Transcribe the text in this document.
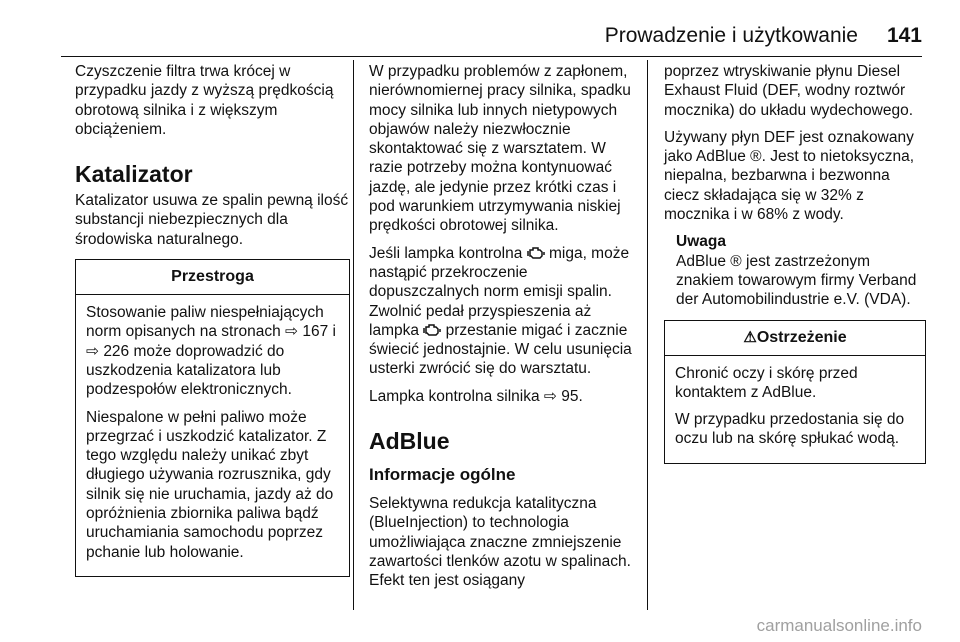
Prowadzenie i użytkowanie 141

Czyszczenie filtra trwa krócej w przypadku jazdy z wyższą prędkością obrotową silnika i z większym obciążeniem.

Katalizator

Katalizator usuwa ze spalin pewną ilość substancji niebezpiecznych dla środowiska naturalnego.

Przestroga

Stosowanie paliw niespełniających norm opisanych na stronach ⇨ 167 i ⇨ 226 może doprowadzić do uszkodzenia katalizatora lub podzespołów elektronicznych.

Niespalone w pełni paliwo może przegrzać i uszkodzić katalizator. Z tego względu należy unikać zbyt długiego używania rozrusznika, gdy silnik się nie uruchamia, jazdy aż do opróżnienia zbiornika paliwa bądź uruchamiania samochodu poprzez pchanie lub holowanie.

W przypadku problemów z zapłonem, nierównomiernej pracy silnika, spadku mocy silnika lub innych nietypowych objawów należy niezwłocznie skontaktować się z warsztatem. W razie potrzeby można kontynuować jazdę, ale jedynie przez krótki czas i pod warunkiem utrzymywania niskiej prędkości obrotowej silnika.

Jeśli lampka kontrolna  miga, może nastąpić przekroczenie dopuszczalnych norm emisji spalin. Zwolnić pedał przyspieszenia aż lampka  przestanie migać i zacznie świecić jednostajnie. W celu usunięcia usterki zwrócić się do warsztatu.

Lampka kontrolna silnika ⇨ 95.

AdBlue
Informacje ogólne

Selektywna redukcja katalityczna (BlueInjection) to technologia umożliwiająca znaczne zmniejszenie zawartości tlenków azotu w spalinach. Efekt ten jest osiągany

poprzez wtryskiwanie płynu Diesel Exhaust Fluid (DEF, wodny roztwór mocznika) do układu wydechowego.

Używany płyn DEF jest oznakowany jako AdBlue ®. Jest to nietoksyczna, niepalna, bezbarwna i bezwonna ciecz składająca się w 32% z mocznika i w 68% z wody.

Uwaga
AdBlue ® jest zastrzeżonym znakiem towarowym firmy Verband der Automobilindustrie e.V. (VDA).
⚠Ostrzeżenie

Chronić oczy i skórę przed kontaktem z AdBlue.

W przypadku przedostania się do oczu lub na skórę spłukać wodą.

carmanualsonline.info
